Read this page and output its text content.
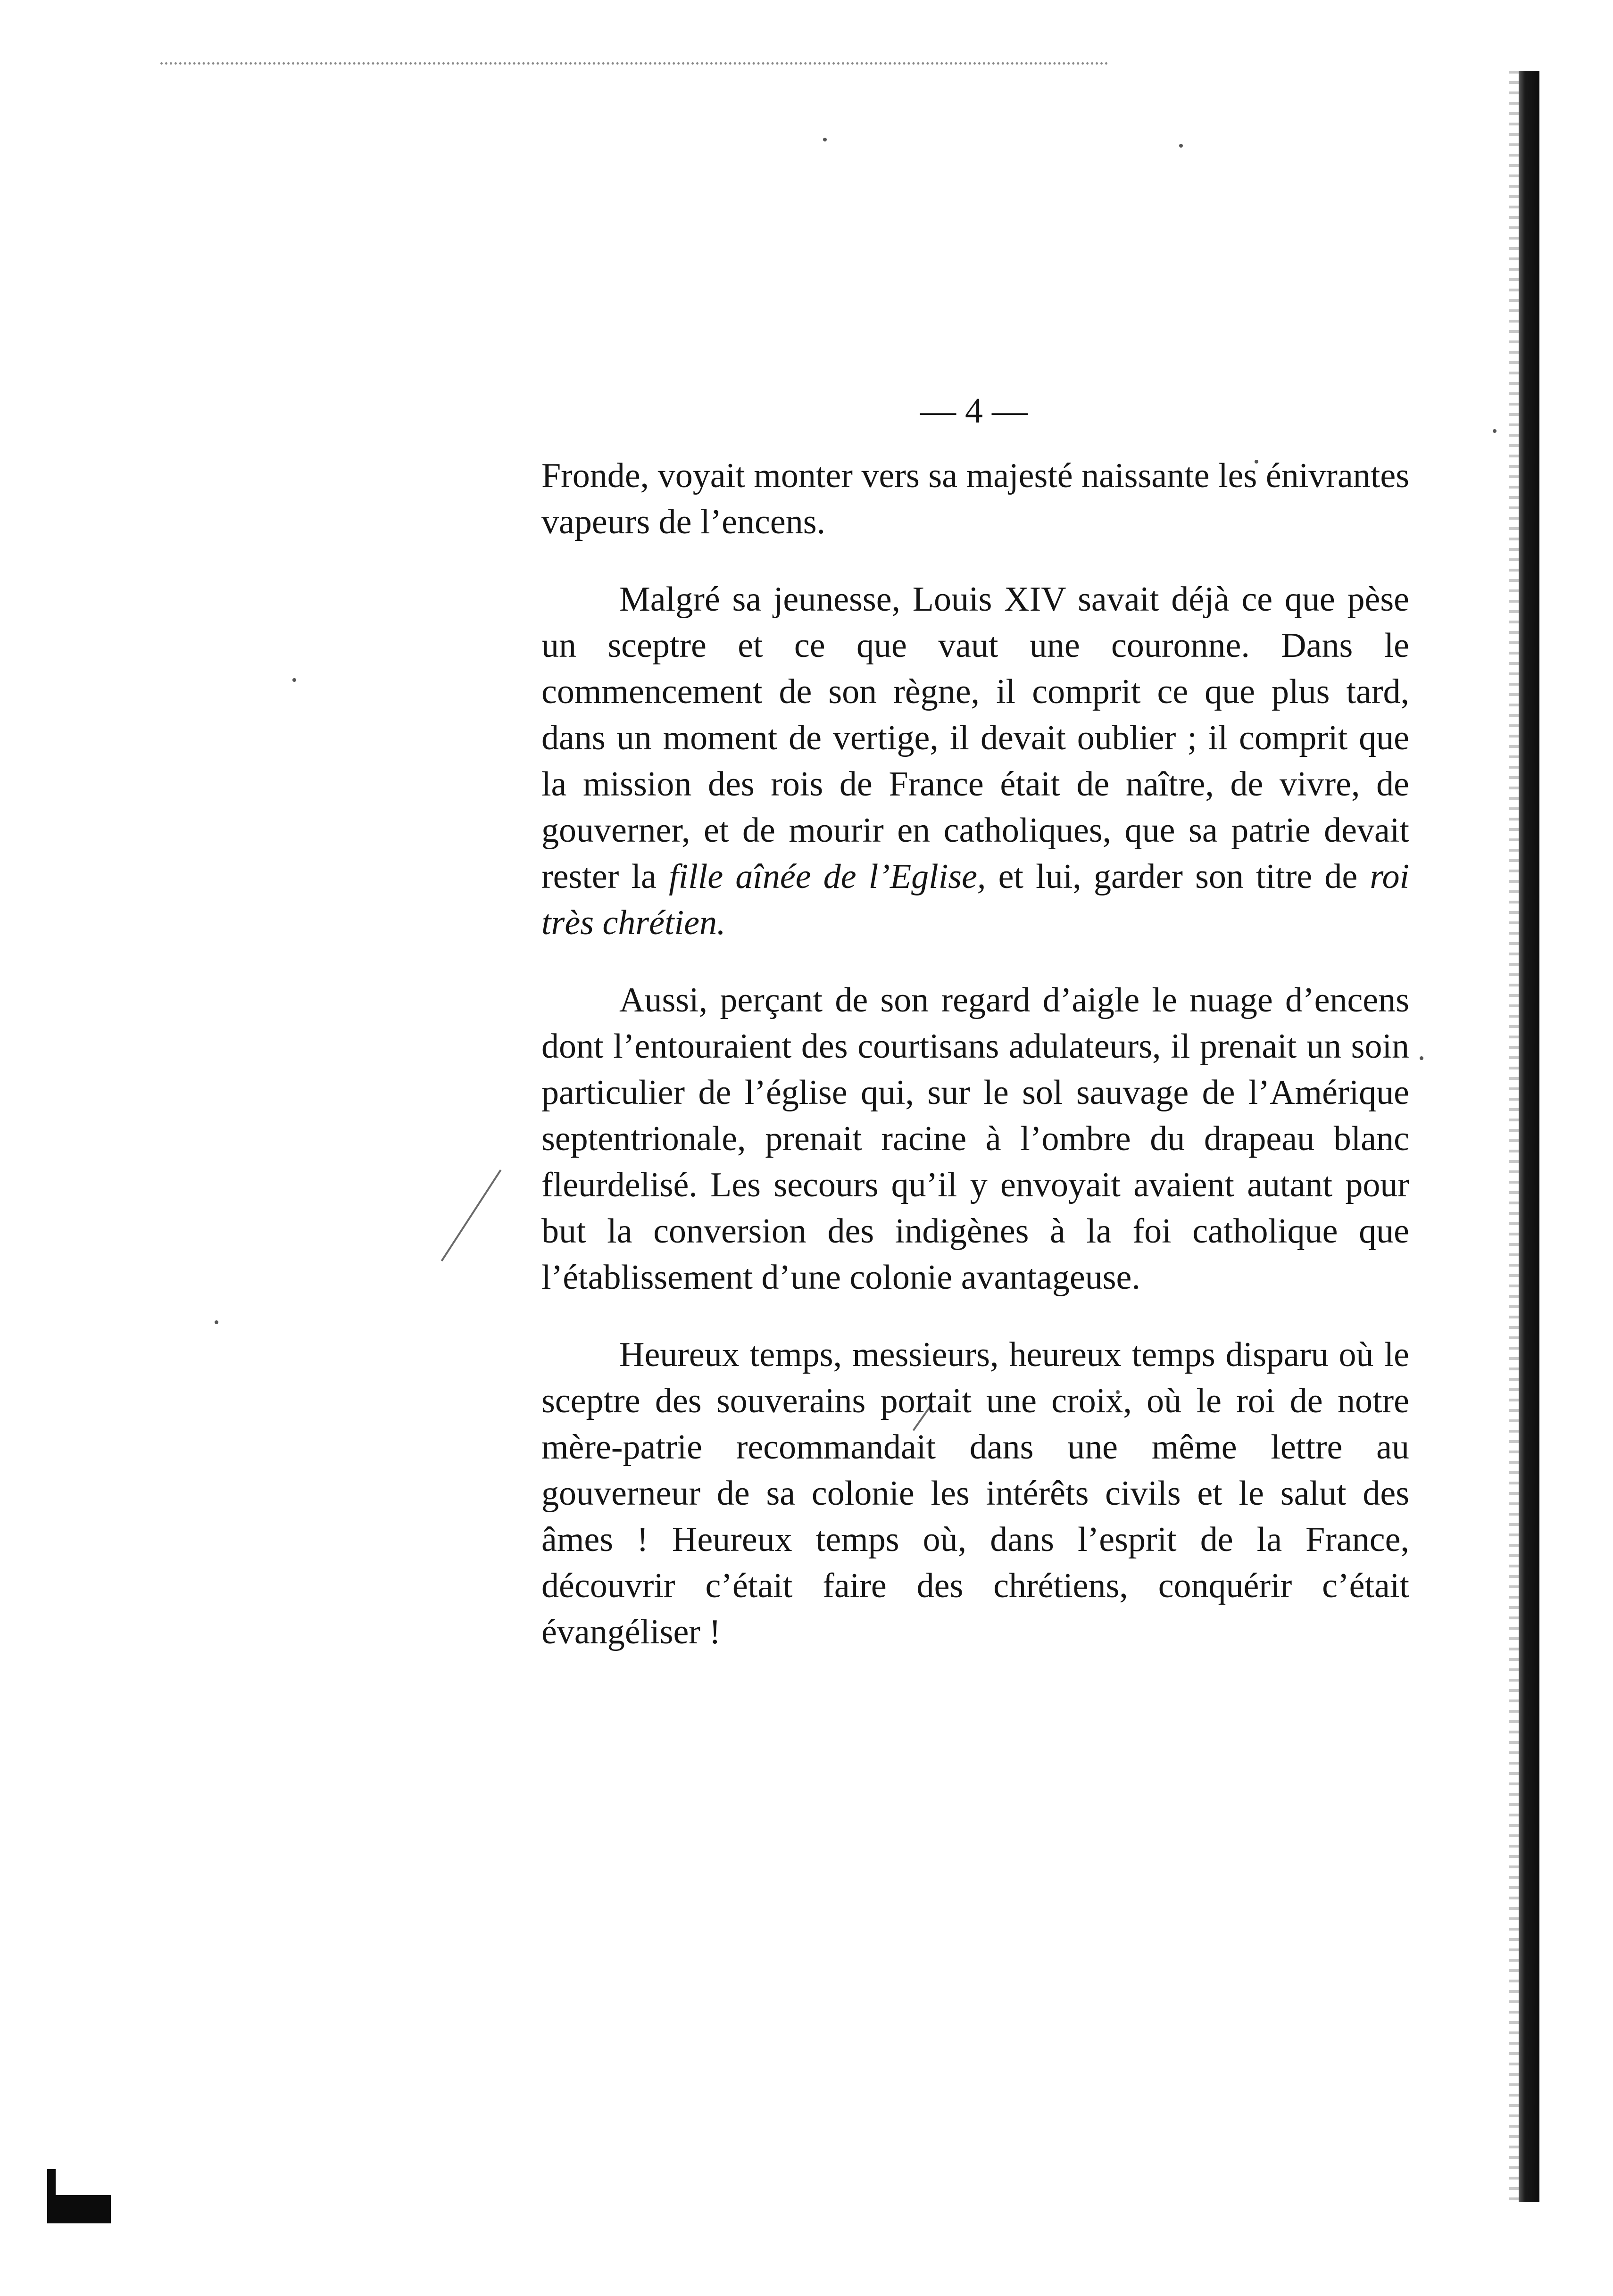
— 4 —

Fronde, voyait monter vers sa majesté naissante les énivrantes vapeurs de l’encens.

Malgré sa jeunesse, Louis XIV savait déjà ce que pèse un sceptre et ce que vaut une couronne. Dans le commencement de son règne, il comprit ce que plus tard, dans un moment de vertige, il devait oublier ; il comprit que la mission des rois de France était de naître, de vivre, de gouverner, et de mourir en catholiques, que sa patrie devait rester la fille aînée de l’Eglise, et lui, garder son titre de roi très chrétien.

Aussi, perçant de son regard d’aigle le nuage d’encens dont l’entouraient des courtisans adulateurs, il prenait un soin particulier de l’église qui, sur le sol sauvage de l’Amérique septentrionale, prenait racine à l’ombre du drapeau blanc fleurdelisé. Les secours qu’il y envoyait avaient autant pour but la conversion des indigènes à la foi catholique que l’établissement d’une colonie avantageuse.

Heureux temps, messieurs, heureux temps disparu où le sceptre des souverains portait une croix, où le roi de notre mère-patrie recommandait dans une même lettre au gouverneur de sa colonie les intérêts civils et le salut des âmes ! Heureux temps où, dans l’esprit de la France, découvrir c’était faire des chrétiens, conquérir c’était évangéliser !
